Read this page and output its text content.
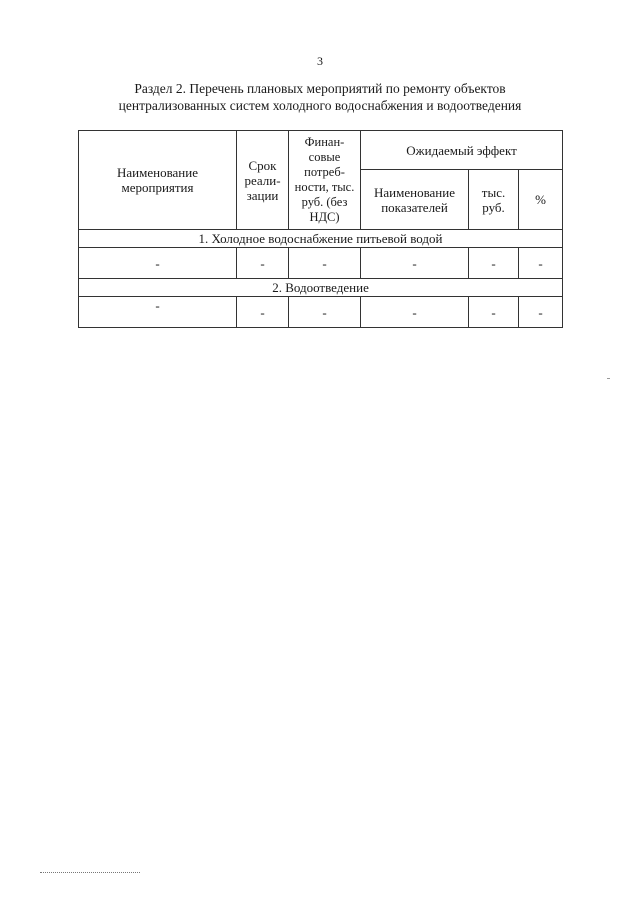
3
Раздел 2. Перечень плановых мероприятий по ремонту объектов
централизованных систем холодного водоснабжения и водоотведения
Наименование мероприятия	Срок реали-зации	Финан-совые потреб-ности, тыс. руб. (без НДС)	Ожидаемый эффект		
			Наименование показателей	тыс. руб.	%
1. Холодное водоснабжение питьевой водой					
-	-	-	-	-	-
2. Водоотведение					
-	-	-	-	-	-
